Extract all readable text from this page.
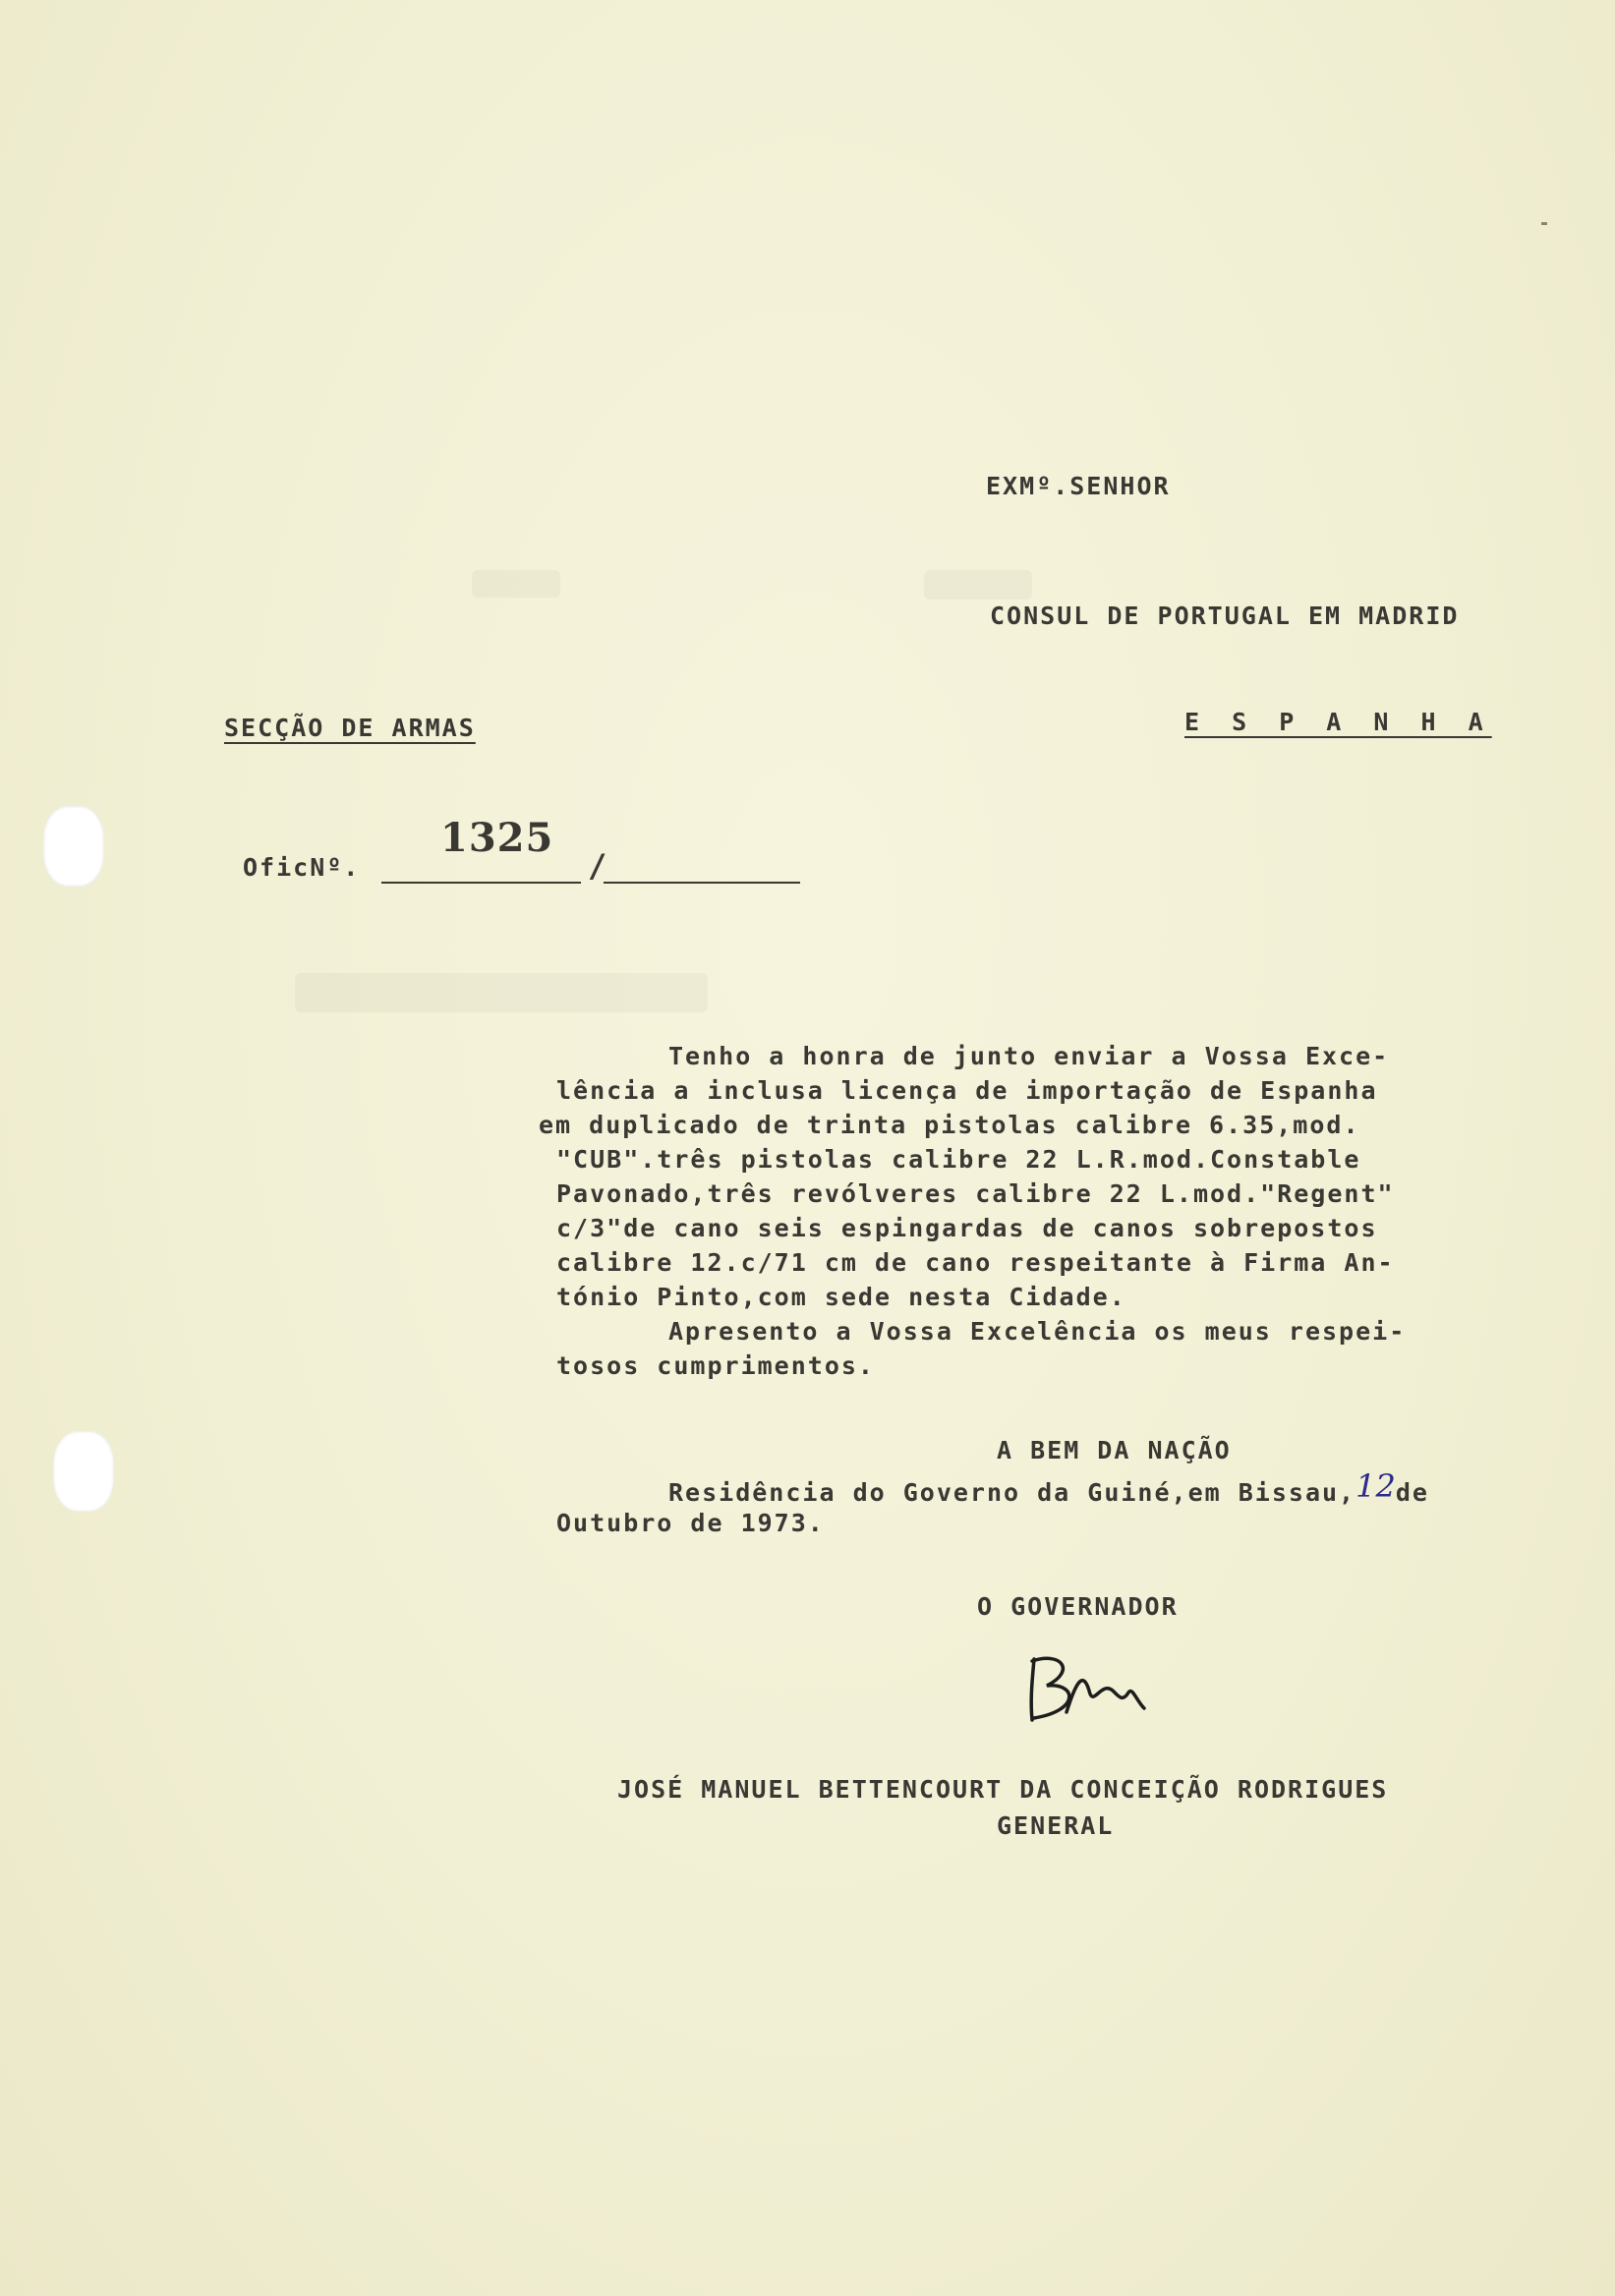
EXMº.SENHOR
CONSUL DE PORTUGAL EM MADRID
E S P A N H A
SECÇÃO DE ARMAS
OficNº.
1325
/
Tenho a honra de junto enviar a Vossa Exce-
lência a inclusa licença de importação de Espanha
em duplicado de trinta pistolas calibre 6.35,mod.
"CUB".três pistolas calibre 22 L.R.mod.Constable
Pavonado,três revólveres calibre 22 L.mod."Regent"
c/3"de cano seis espingardas de canos sobrepostos
calibre 12.c/71 cm de cano respeitante à Firma An-
tónio Pinto,com sede nesta Cidade.
Apresento a Vossa Excelência os meus respei-
tosos cumprimentos.
A BEM DA NAÇÃO
Residência do Governo da Guiné,em Bissau,12de
Outubro de 1973.
O GOVERNADOR
JOSÉ MANUEL BETTENCOURT DA CONCEIÇÃO RODRIGUES
GENERAL
